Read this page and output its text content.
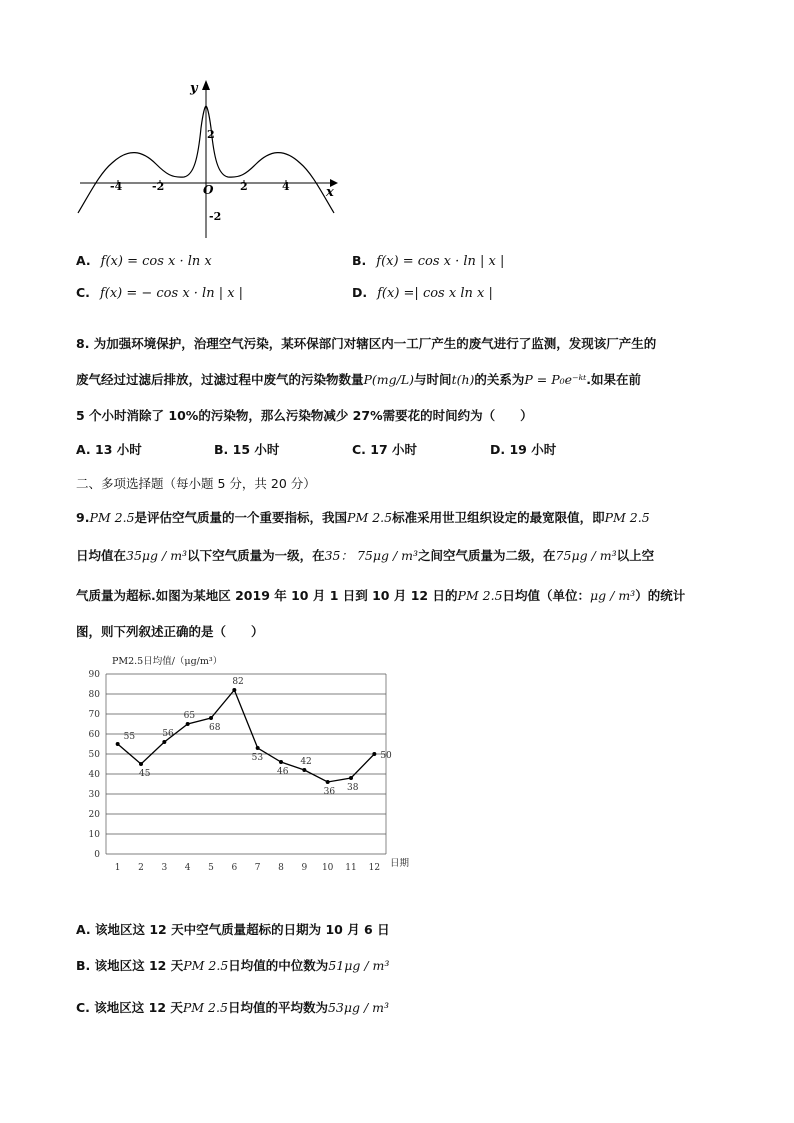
y
x
O
-4	-2	2	4
2
-2
A. f(x) = cos x · ln x	B. f(x) = cos x · ln | x |
C. f(x) = − cos x · ln | x |	D. f(x) =| cos x ln x |
8. 为加强环境保护，治理空气污染，某环保部门对辖区内一工厂产生的废气进行了监测，发现该厂产生的
废气经过过滤后排放，过滤过程中废气的污染物数量P(mg/L)与时间t(h)的关系为P = P₀e⁻ᵏᵗ.如果在前
5 个小时消除了 10%的污染物，那么污染物减少 27%需要花的时间约为（　　）
A. 13 小时	B. 15 小时	C. 17 小时	D. 19 小时
二、多项选择题（每小题 5 分，共 20 分）
9.PM 2.5是评估空气质量的一个重要指标，我国PM 2.5标准采用世卫组织设定的最宽限值，即PM 2.5
日均值在35μg / m³以下空气质量为一级，在35： 75μg / m³之间空气质量为二级，在75μg / m³以上空
气质量为超标.如图为某地区 2019 年 10 月 1 日到 10 月 12 日的PM 2.5日均值（单位：μg / m³）的统计
图，则下列叙述正确的是（　　）
PM2.5日均值/（μg/m³）
日期
0
10
20
30
40
50
60
70
80
90
1 2 3 4 5 6 7 8 9 10 11 12
55
45
56
65
68
82
53
46
42
36 38
50
A. 该地区这 12 天中空气质量超标的日期为 10 月 6 日
B. 该地区这 12 天PM 2.5日均值的中位数为51μg / m³
C. 该地区这 12 天PM 2.5日均值的平均数为53μg / m³
